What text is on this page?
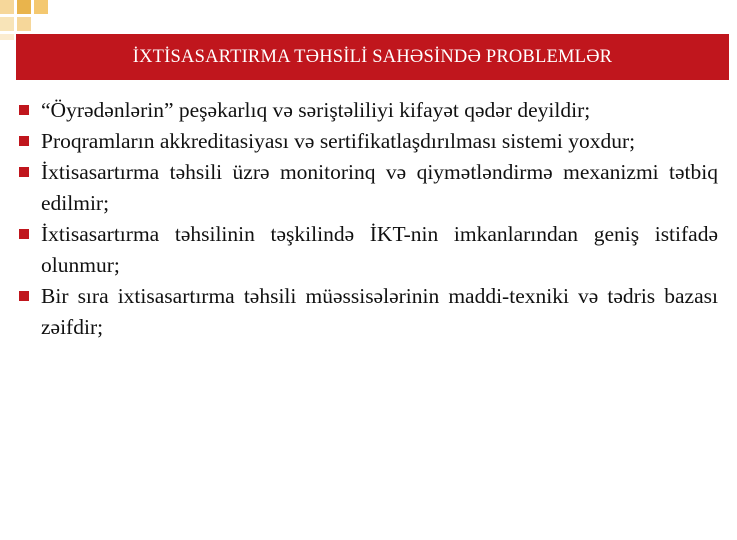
İXTİSASARTIRMA TƏHSİLİ SAHƏSİNDƏ PROBLEMLƏR
“Öyrədənlərin” peşəkarlıq və səriştəliliyi kifayət qədər deyildir;
Proqramların akkreditasiyası və sertifikatlaşdırılması sistemi yoxdur;
İxtisasartırma təhsili üzrə monitorinq və qiymətləndirmə mexanizmi tətbiq edilmir;
İxtisasartırma təhsilinin təşkilində İKT-nin imkanlarından geniş istifadə olunmur;
Bir sıra ixtisasartırma təhsili müəssisələrinin maddi-texniki və tədris bazası zəifdir;
